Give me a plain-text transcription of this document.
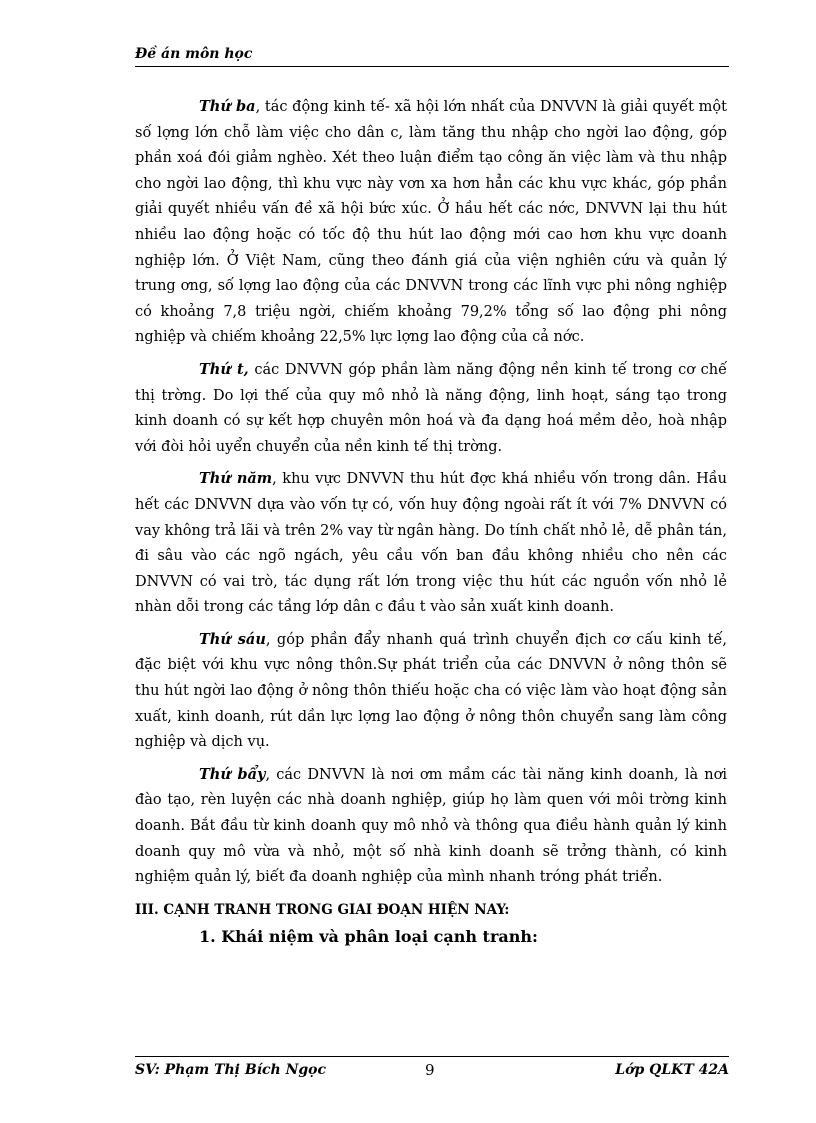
Đề án môn học

Thứ ba, tác động kinh tế- xã hội lớn nhất của DNVVN là giải quyết một số lợng lớn chỗ làm việc cho dân c, làm tăng thu nhập cho ngời lao động, góp phần xoá đói giảm nghèo. Xét theo luận điểm tạo công ăn việc làm và thu nhập cho ngời lao động, thì khu vực này vơn xa hơn hẳn các khu vực khác, góp phần giải quyết nhiều vấn đề xã hội bức xúc. Ở hầu hết các nớc, DNVVN lại thu hút nhiều lao động hoặc có tốc độ thu hút lao động mới cao hơn khu vực doanh nghiệp lớn. Ở Việt Nam, cũng theo đánh giá của viện nghiên cứu và quản lý trung ơng, số lợng lao động của các DNVVN trong các lĩnh vực phi nông nghiệp có khoảng 7,8 triệu ngời, chiếm khoảng 79,2% tổng số lao động phi nông nghiệp và chiếm khoảng 22,5% lực lợng lao động của cả nớc.

Thứ t, các DNVVN góp phần làm năng động nền kinh tế trong cơ chế thị trờng. Do lợi thế của quy mô nhỏ là năng động, linh hoạt, sáng tạo trong kinh doanh có sự kết hợp chuyên môn hoá và đa dạng hoá mềm dẻo, hoà nhập với đòi hỏi uyển chuyển của nền kinh tế thị trờng.

Thứ năm, khu vực DNVVN thu hút đợc khá nhiều vốn trong dân. Hầu hết các DNVVN dựa vào vốn tự có, vốn huy động ngoài rất ít với 7% DNVVN có vay không trả lãi và trên 2% vay từ ngân hàng. Do tính chất nhỏ lẻ, dễ phân tán, đi sâu vào các ngõ ngách, yêu cầu vốn ban đầu không nhiều cho nên các DNVVN có vai trò, tác dụng rất lớn trong việc thu hút các nguồn vốn nhỏ lẻ nhàn dỗi trong các tầng lớp dân c đầu t vào sản xuất kinh doanh.

Thứ sáu, góp phần đẩy nhanh quá trình chuyển địch cơ cấu kinh tế, đặc biệt với khu vực nông thôn.Sự phát triển của các DNVVN ở nông thôn sẽ thu hút ngời lao động ở nông thôn thiếu hoặc cha có việc làm vào hoạt động sản xuất, kinh doanh, rút dần lực lợng lao động ở nông thôn chuyển sang làm công nghiệp và dịch vụ.

Thứ bẩy, các DNVVN là nơi ơm mầm các tài năng kinh doanh, là nơi đào tạo, rèn luyện các nhà doanh nghiệp, giúp họ làm quen với môi trờng kinh doanh. Bắt đầu từ kinh doanh quy mô nhỏ và thông qua điều hành quản lý kinh doanh quy mô vừa và nhỏ, một số nhà kinh doanh sẽ trởng thành, có kinh nghiệm quản lý, biết đa doanh nghiệp của mình nhanh tróng phát triển.

III. CẠNH TRANH TRONG GIAI ĐOẠN HIỆN NAY:
1. Khái niệm và phân loại cạnh tranh:
SV: Phạm Thị Bích Ngọc	9	Lớp QLKT 42A
